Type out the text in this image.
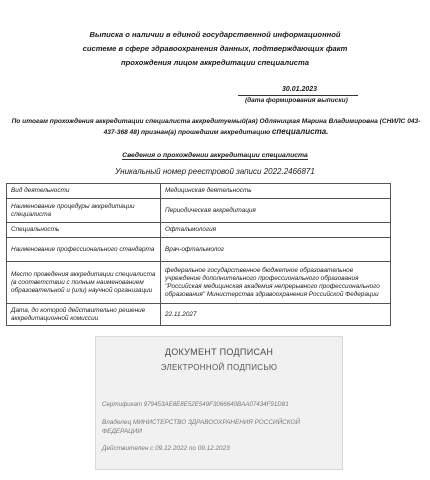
Выписка о наличии в единой государственной информационной
системе в сфере здравоохранения данных, подтверждающих факт
прохождения лицом аккредитации специалиста
30.01.2023
(дата формирования выписки)
По итогам прохождения аккредитации специалиста аккредитуемый(ая) Одляницкая Марина Владимировна (СНИЛС 043-437-368 48) признан(а) прошедшим аккредитацию специалиста.
Сведения о прохождении аккредитации специалиста
Уникальный номер реестровой записи 2022.2466871
Вид деятельности	Медицинская деятельность
Наименование процедуры аккредитации специалиста	Периодическая аккредитация
Специальность	Офтальмология
Наименование профессионального стандарта	Врач-офтальмолог
Место проведения аккредитации специалиста (в соответствии с полным наименованием образовательной и (или) научной организации	федеральное государственное бюджетное образовательное учреждение дополнительного профессионального образования "Российская медицинская академия непрерывного профессионального образования" Министерства здравоохранения Российской Федерации
Дата, до которой действительно решение аккредитационной комиссии	22.11.2027
ДОКУМЕНТ ПОДПИСАН
ЭЛЕКТРОННОЙ ПОДПИСЬЮ
Сертификат 979453АЕ8Е8Е52Е549F3066640BAA07434F91D81
Владелец МИНИСТЕРСТВО ЗДРАВООХРАНЕНИЯ РОССИЙСКОЙ ФЕДЕРАЦИИ
Действителен с 09.12.2022 по 09.12.2023
